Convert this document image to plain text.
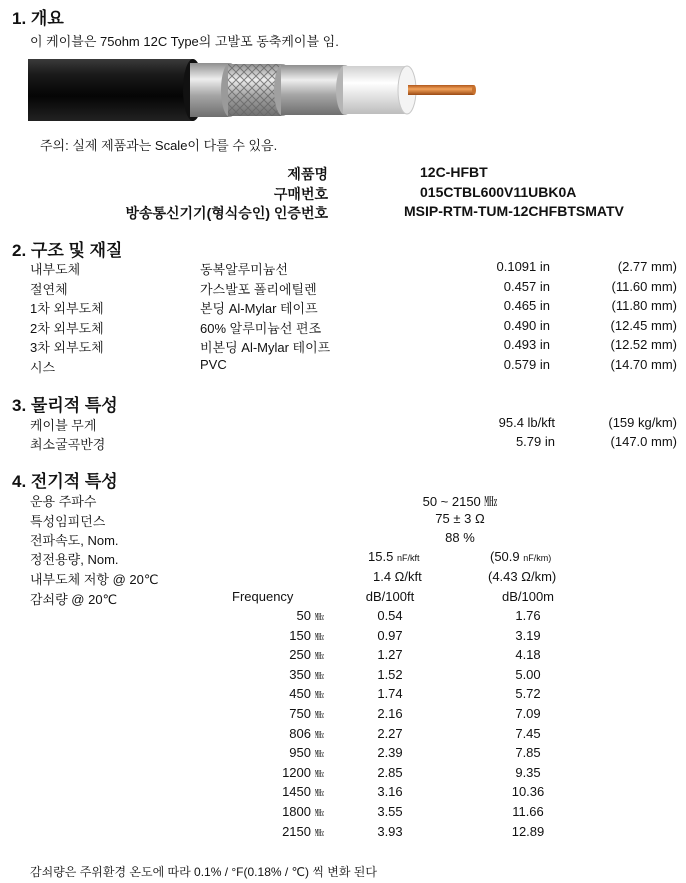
1. 개요
이 케이블은 75ohm 12C Type의 고발포 동축케이블 임.
주의: 실제 제품과는 Scale이 다를 수 있음.
제품명	12C-HFBT
구매번호	015CTBL600V11UBK0A
방송통신기기(형식승인) 인증번호	MSIP-RTM-TUM-12CHFBTSMATV
2. 구조 및 재질
내부도체	동복알루미늄선	0.1091 in	(2.77 mm)
절연체	가스발포 폴리에틸렌	0.457 in	(11.60 mm)
1차 외부도체	본딩 Al-Mylar 테이프	0.465 in	(11.80 mm)
2차 외부도체	60% 알루미늄선 편조	0.490 in	(12.45 mm)
3차 외부도체	비본딩 Al-Mylar 테이프	0.493 in	(12.52 mm)
시스	PVC	0.579 in	(14.70 mm)
3. 물리적 특성
케이블 무게	95.4 lb/kft	(159 kg/km)
최소굴곡반경	5.79 in	(147.0 mm)
4. 전기적 특성
운용 주파수	50 ~ 2150 ㎒
특성임피던스	75 ± 3 Ω
전파속도, Nom.	88 %
정전용량, Nom.	15.5 nF/kft	(50.9 nF/km)
내부도체 저항 @ 20℃	1.4 Ω/kft	(4.43 Ω/km)
감쇠량 @ 20℃	Frequency	dB/100ft	dB/100m
50 ㎒	0.54	1.76
150 ㎒	0.97	3.19
250 ㎒	1.27	4.18
350 ㎒	1.52	5.00
450 ㎒	1.74	5.72
750 ㎒	2.16	7.09
806 ㎒	2.27	7.45
950 ㎒	2.39	7.85
1200 ㎒	2.85	9.35
1450 ㎒	3.16	10.36
1800 ㎒	3.55	11.66
2150 ㎒	3.93	12.89
감쇠량은 주위환경 온도에 따라 0.1% / °F(0.18% / ℃) 씩 변화 된다
